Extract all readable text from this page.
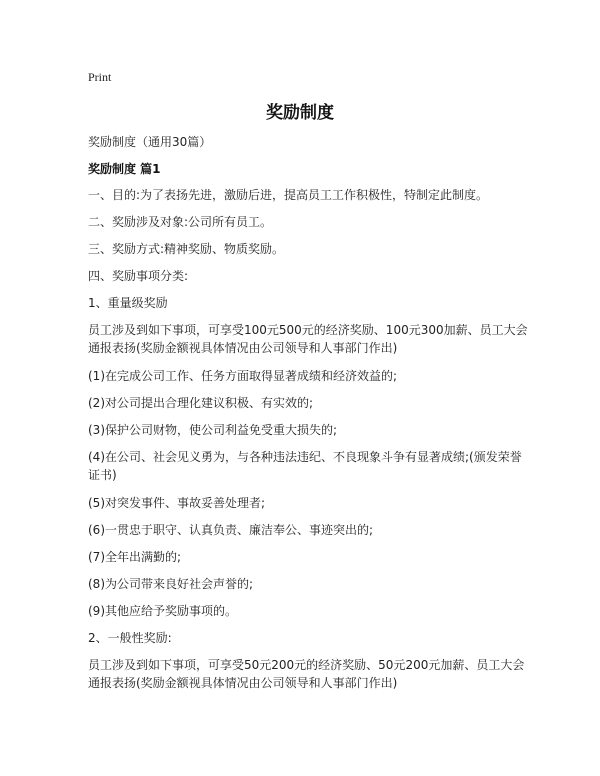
Print
奖励制度
奖励制度（通用30篇）
奖励制度 篇1
一、目的:为了表扬先进，激励后进，提高员工工作积极性，特制定此制度。
二、奖励涉及对象:公司所有员工。
三、奖励方式:精神奖励、物质奖励。
四、奖励事项分类:
1、重量级奖励
员工涉及到如下事项，可享受100元500元的经济奖励、100元300加薪、员工大会通报表扬(奖励金额视具体情况由公司领导和人事部门作出)
(1)在完成公司工作、任务方面取得显著成绩和经济效益的;
(2)对公司提出合理化建议积极、有实效的;
(3)保护公司财物，使公司利益免受重大损失的;
(4)在公司、社会见义勇为，与各种违法违纪、不良现象斗争有显著成绩;(颁发荣誉证书)
(5)对突发事件、事故妥善处理者;
(6)一贯忠于职守、认真负责、廉洁奉公、事迹突出的;
(7)全年出满勤的;
(8)为公司带来良好社会声誉的;
(9)其他应给予奖励事项的。
2、一般性奖励:
员工涉及到如下事项，可享受50元200元的经济奖励、50元200元加薪、员工大会通报表扬(奖励金额视具体情况由公司领导和人事部门作出)
